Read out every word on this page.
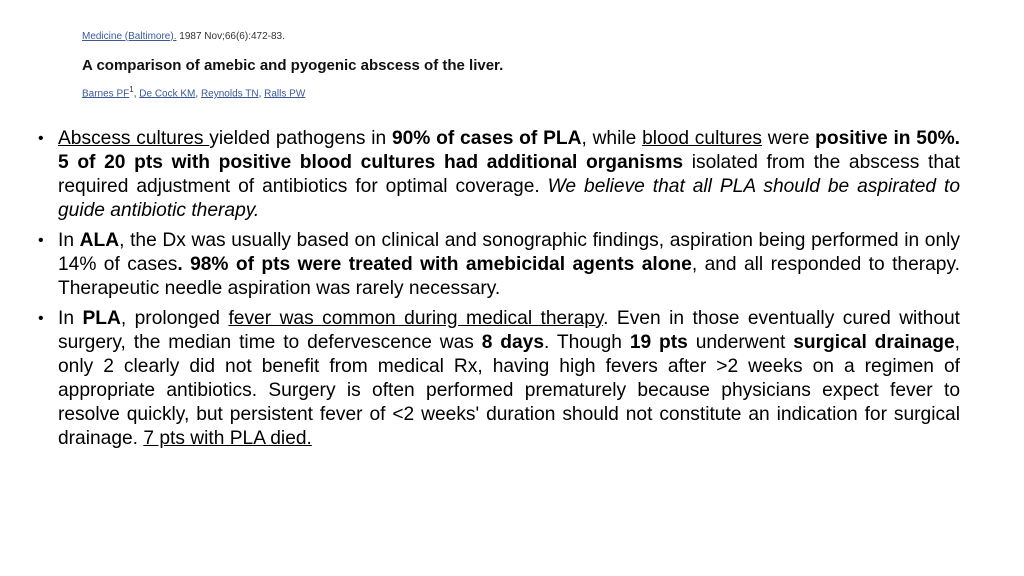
Medicine (Baltimore). 1987 Nov;66(6):472-83.
A comparison of amebic and pyogenic abscess of the liver.
Barnes $PF^1$, De Cock KM, Reynolds TN, Ralls PW
• Abscess cultures yielded pathogens in 90% of cases of PLA, while blood cultures were positive in 50%. 5 of 20 pts with positive blood cultures had additional organisms isolated from the abscess that required adjustment of antibiotics for optimal coverage. We believe that all PLA should be aspirated to guide antibiotic therapy.
• In ALA, the Dx was usually based on clinical and sonographic findings, aspiration being performed in only 14% of cases. 98% of pts were treated with amebicidal agents alone, and all responded to therapy. Therapeutic needle aspiration was rarely necessary.
• In PLA, prolonged fever was common during medical therapy. Even in those eventually cured without surgery, the median time to defervescence was 8 days. Though 19 pts underwent surgical drainage, only 2 clearly did not benefit from medical Rx, having high fevers after >2 weeks on a regimen of appropriate antibiotics. Surgery is often performed prematurely because physicians expect fever to resolve quickly, but persistent fever of <2 weeks' duration should not constitute an indication for surgical drainage. 7 pts with PLA died.
